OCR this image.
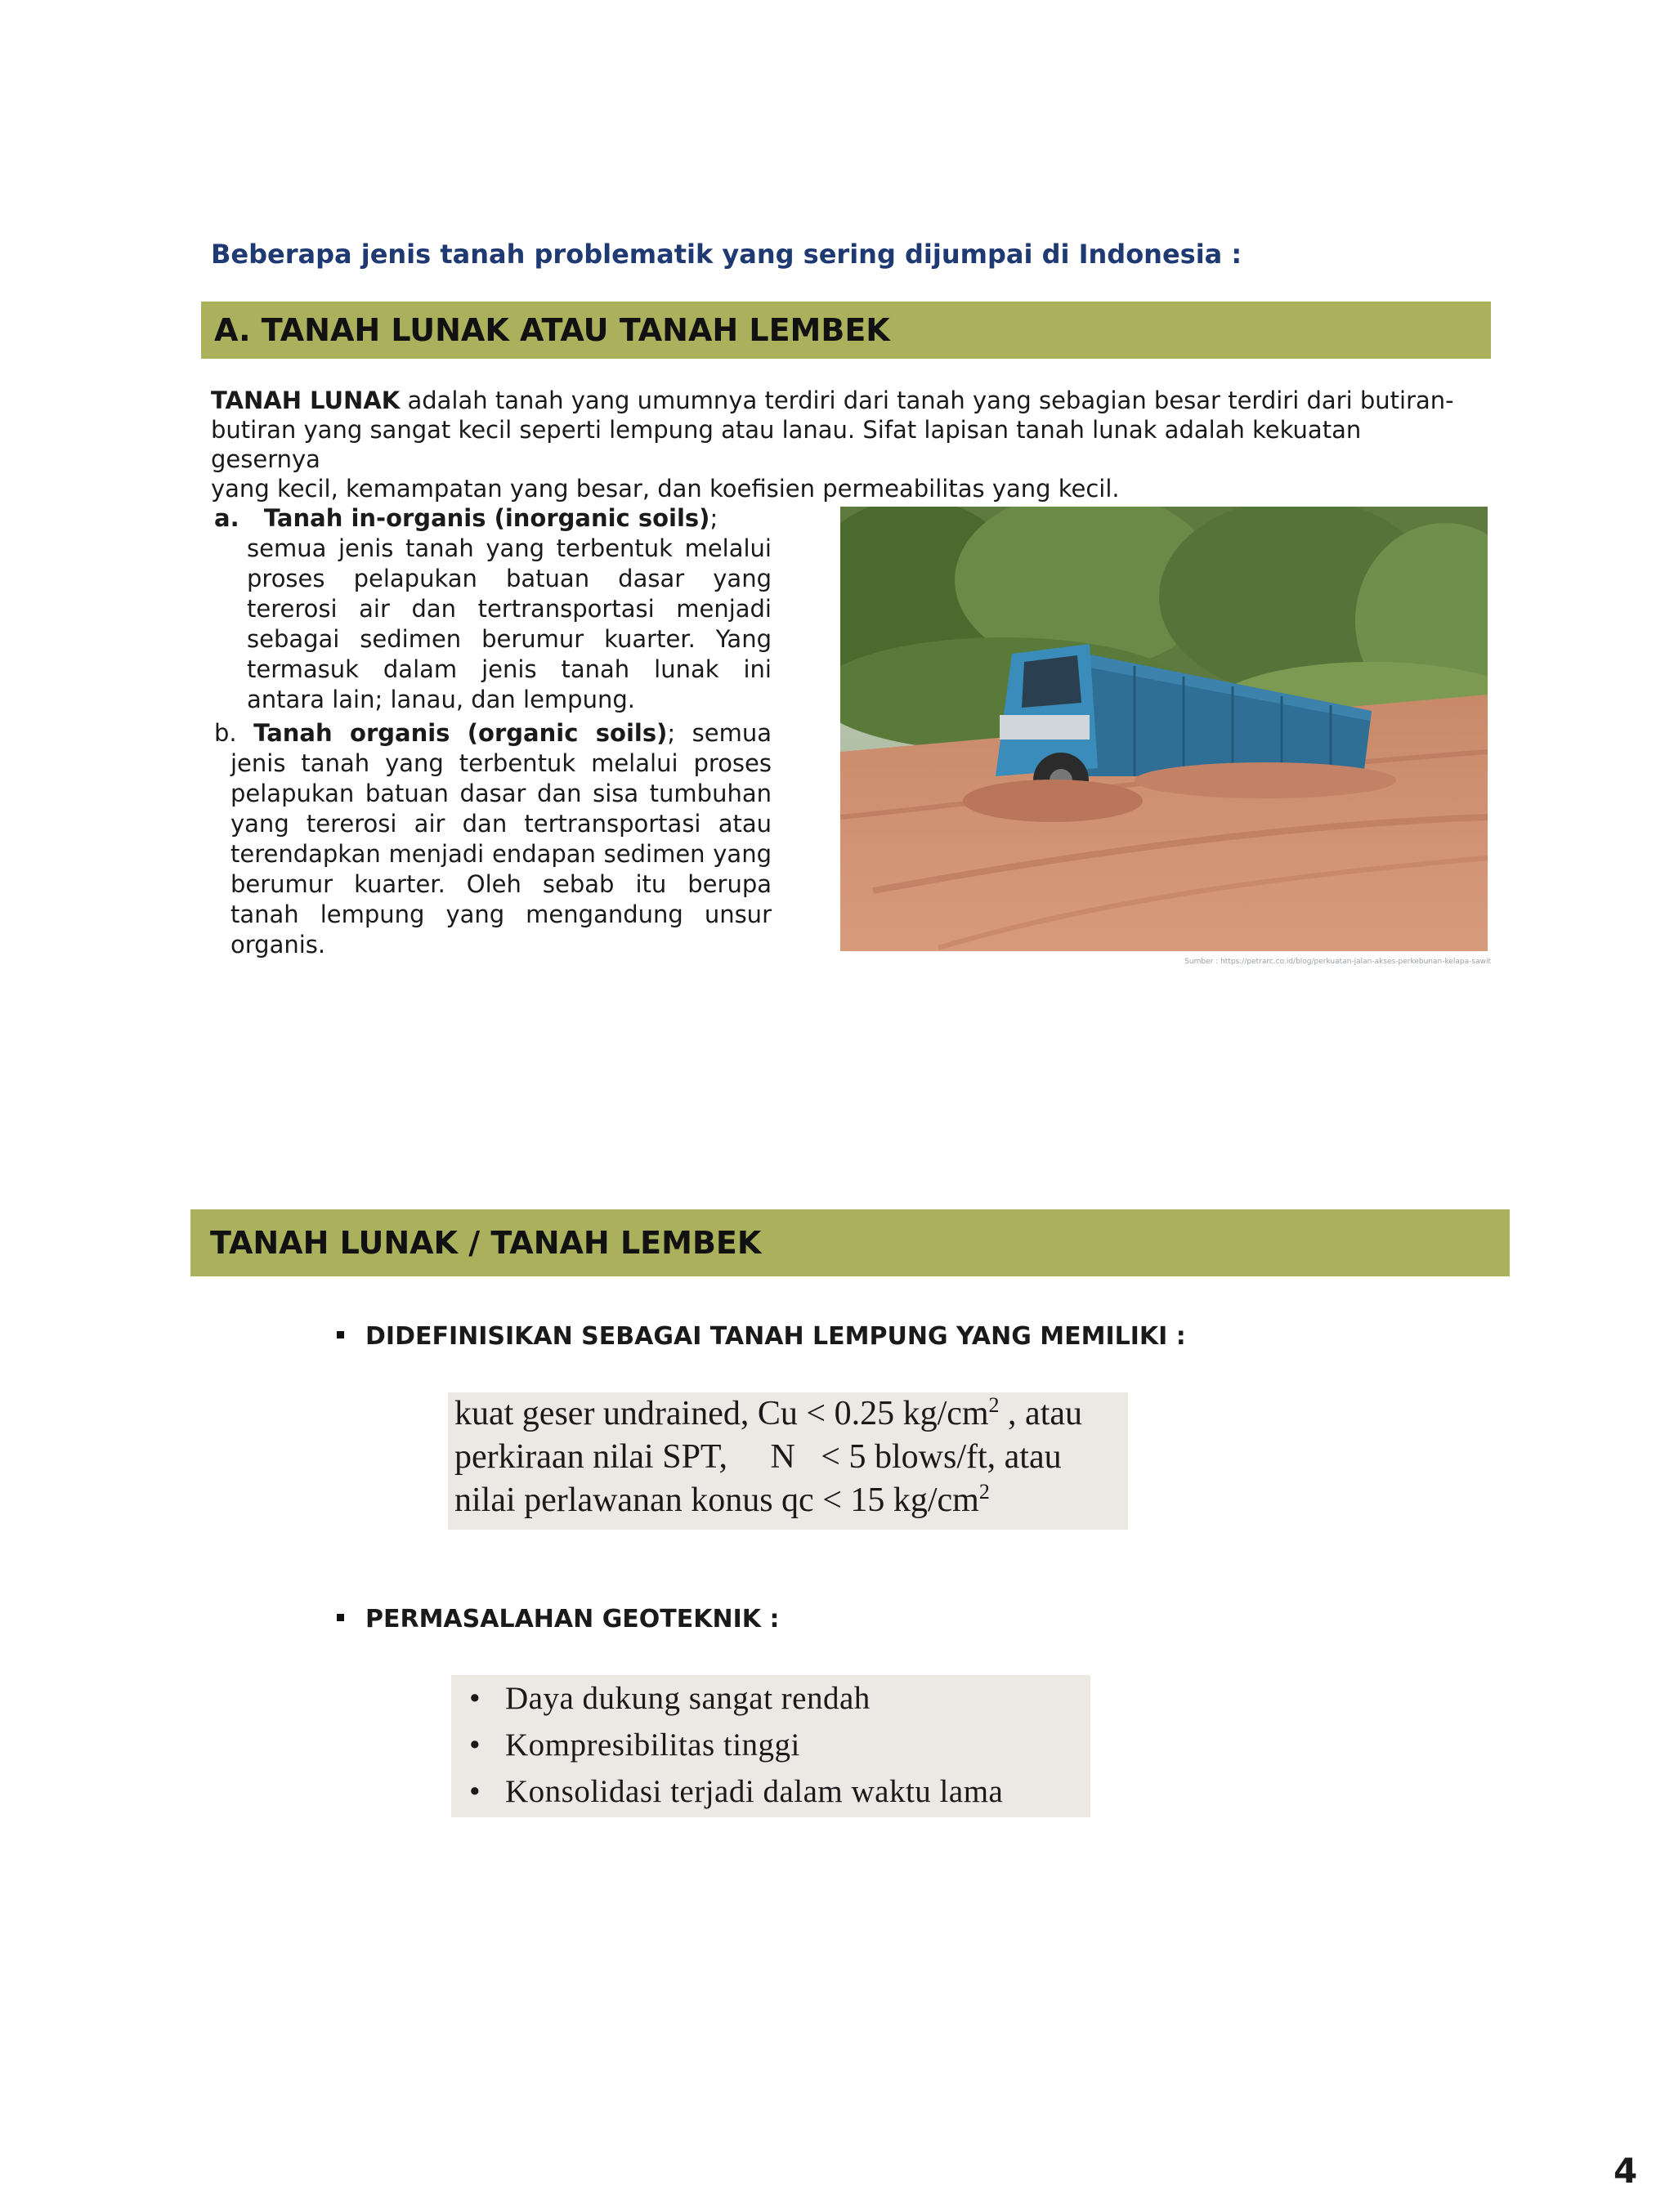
Beberapa jenis tanah problematik yang sering dijumpai di Indonesia :
A. TANAH LUNAK ATAU TANAH LEMBEK
TANAH LUNAK adalah tanah yang umumnya terdiri dari tanah yang sebagian besar terdiri dari butiran-
butiran yang sangat kecil seperti lempung atau lanau. Sifat lapisan tanah lunak adalah kekuatan gesernya
yang kecil, kemampatan yang besar, dan koefisien permeabilitas yang kecil.
a. Tanah in-organis (inorganic soils);
semua jenis tanah yang terbentuk melalui proses pelapukan batuan dasar yang tererosi air dan tertransportasi menjadi sebagai sedimen berumur kuarter. Yang termasuk dalam jenis tanah lunak ini antara lain; lanau, dan lempung.
b. Tanah organis (organic soils); semua jenis tanah yang terbentuk melalui proses pelapukan batuan dasar dan sisa tumbuhan yang tererosi air dan tertransportasi atau terendapkan menjadi endapan sedimen yang berumur kuarter. Oleh sebab itu berupa tanah lempung yang mengandung unsur organis.
Sumber : https://petrarc.co.id/blog/perkuatan-jalan-akses-perkebunan-kelapa-sawit
TANAH LUNAK / TANAH LEMBEK
DIDEFINISIKAN SEBAGAI TANAH LEMPUNG YANG MEMILIKI :
kuat geser undrained, Cu < 0.25 $kg/cm^2$ , atau
perkiraan nilai SPT,     N   < 5 blows/ft, atau
nilai perlawanan konus qc < 15 $kg/cm^2$
PERMASALAHAN GEOTEKNIK :
• Daya dukung sangat rendah
• Kompresibilitas tinggi
• Konsolidasi terjadi dalam waktu lama
4
